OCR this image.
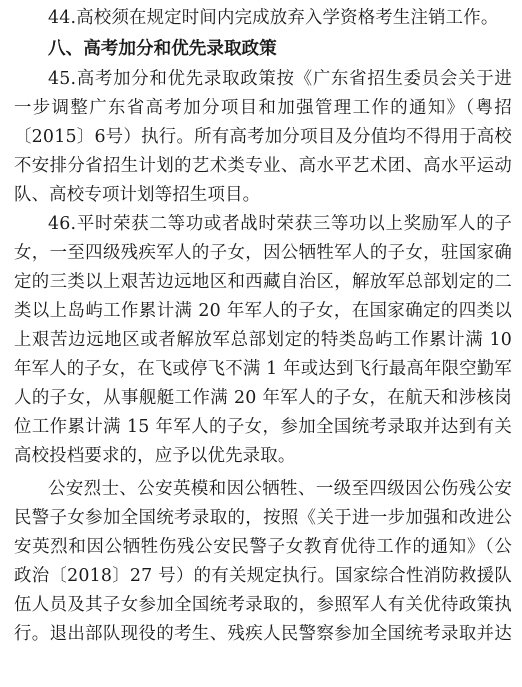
44.高校须在规定时间内完成放弃入学资格考生注销工作。
八、高考加分和优先录取政策
45.高考加分和优先录取政策按《广东省招生委员会关于进
一步调整广东省高考加分项目和加强管理工作的通知》（粤招
〔2015〕6号）执行。所有高考加分项目及分值均不得用于高校
不安排分省招生计划的艺术类专业、高水平艺术团、高水平运动
队、高校专项计划等招生项目。
46.平时荣获二等功或者战时荣获三等功以上奖励军人的子
女，一至四级残疾军人的子女，因公牺牲军人的子女，驻国家确
定的三类以上艰苦边远地区和西藏自治区，解放军总部划定的二
类以上岛屿工作累计满 20 年军人的子女，在国家确定的四类以
上艰苦边远地区或者解放军总部划定的特类岛屿工作累计满 10
年军人的子女，在飞或停飞不满 1 年或达到飞行最高年限空勤军
人的子女，从事舰艇工作满 20 年军人的子女，在航天和涉核岗
位工作累计满 15 年军人的子女，参加全国统考录取并达到有关
高校投档要求的，应予以优先录取。
公安烈士、公安英模和因公牺牲、一级至四级因公伤残公安
民警子女参加全国统考录取的，按照《关于进一步加强和改进公
安英烈和因公牺牲伤残公安民警子女教育优待工作的通知》（公
政治〔2018〕27 号）的有关规定执行。国家综合性消防救援队
伍人员及其子女参加全国统考录取的，参照军人有关优待政策执
行。退出部队现役的考生、残疾人民警察参加全国统考录取并达
